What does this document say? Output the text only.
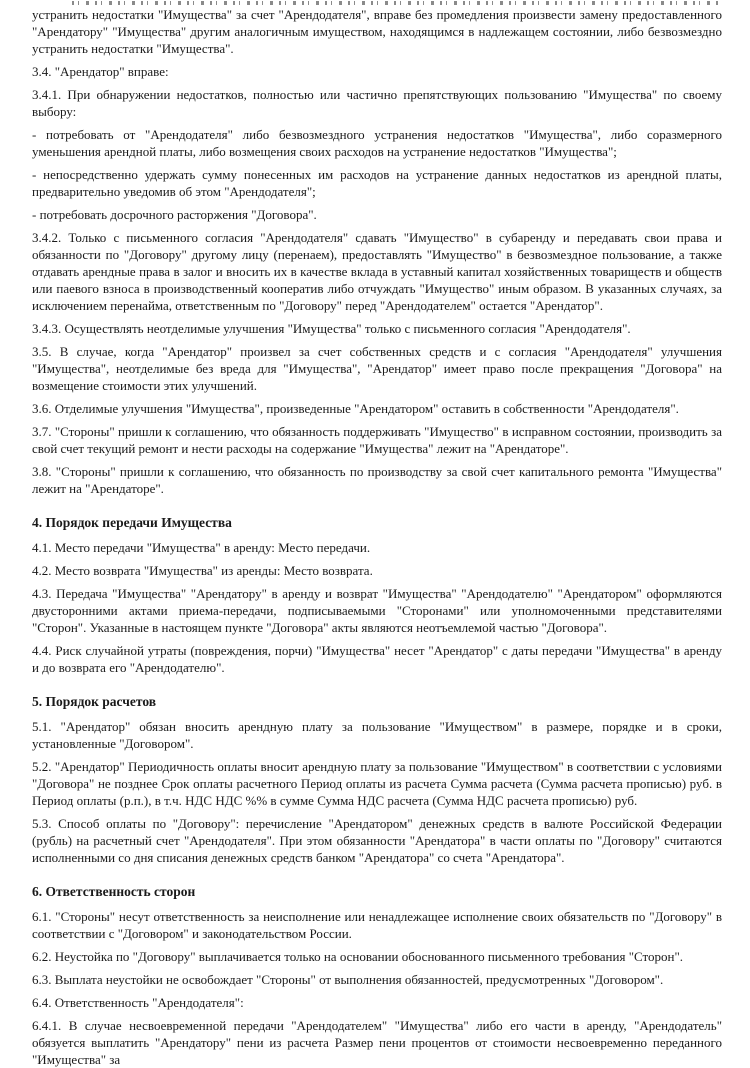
устранить недостатки "Имущества" за счет "Арендодателя", вправе без промедления произвести замену предоставленного "Арендатору" "Имущества" другим аналогичным имуществом, находящимся в надлежащем состоянии, либо безвозмездно устранить недостатки "Имущества".

3.4. "Арендатор" вправе:

3.4.1. При обнаружении недостатков, полностью или частично препятствующих пользованию "Имущества" по своему выбору:

- потребовать от "Арендодателя" либо безвозмездного устранения недостатков "Имущества", либо соразмерного уменьшения арендной платы, либо возмещения своих расходов на устранение недостатков "Имущества";

- непосредственно удержать сумму понесенных им расходов на устранение данных недостатков из арендной платы, предварительно уведомив об этом "Арендодателя";

- потребовать досрочного расторжения "Договора".

3.4.2. Только с письменного согласия "Арендодателя" сдавать "Имущество" в субаренду и передавать свои права и обязанности по "Договору" другому лицу (перенаем), предоставлять "Имущество" в безвозмездное пользование, а также отдавать арендные права в залог и вносить их в качестве вклада в уставный капитал хозяйственных товариществ и обществ или паевого взноса в производственный кооператив либо отчуждать "Имущество" иным образом. В указанных случаях, за исключением перенайма, ответственным по "Договору" перед "Арендодателем" остается "Арендатор".

3.4.3. Осуществлять неотделимые улучшения "Имущества" только с письменного согласия "Арендодателя".

3.5. В случае, когда "Арендатор" произвел за счет собственных средств и с согласия "Арендодателя" улучшения "Имущества", неотделимые без вреда для "Имущества", "Арендатор" имеет право после прекращения "Договора" на возмещение стоимости этих улучшений.

3.6. Отделимые улучшения "Имущества", произведенные "Арендатором" оставить в собственности "Арендодателя".

3.7. "Стороны" пришли к соглашению, что обязанность поддерживать "Имущество" в исправном состоянии, производить за свой счет текущий ремонт и нести расходы на содержание "Имущества" лежит на "Арендаторе".

3.8. "Стороны" пришли к соглашению, что обязанность по производству за свой счет капитального ремонта "Имущества" лежит на "Арендаторе".

4. Порядок передачи Имущества

4.1. Место передачи "Имущества" в аренду: Место передачи.

4.2. Место возврата "Имущества" из аренды: Место возврата.

4.3. Передача "Имущества" "Арендатору" в аренду и возврат "Имущества" "Арендодателю" "Арендатором" оформляются двусторонними актами приема-передачи, подписываемыми "Сторонами" или уполномоченными представителями "Сторон". Указанные в настоящем пункте "Договора" акты являются неотъемлемой частью "Договора".

4.4. Риск случайной утраты (повреждения, порчи) "Имущества" несет "Арендатор" с даты передачи "Имущества" в аренду и до возврата его "Арендодателю".

5. Порядок расчетов

5.1. "Арендатор" обязан вносить арендную плату за пользование "Имуществом" в размере, порядке и в сроки, установленные "Договором".

5.2. "Арендатор" Периодичность оплаты вносит арендную плату за пользование "Имуществом" в соответствии с условиями "Договора" не позднее Срок оплаты расчетного Период оплаты из расчета Сумма расчета (Сумма расчета прописью) руб. в Период оплаты (р.п.), в т.ч. НДС НДС %% в сумме Сумма НДС расчета (Сумма НДС расчета прописью) руб.

5.3. Способ оплаты по "Договору": перечисление "Арендатором" денежных средств в валюте Российской Федерации (рубль) на расчетный счет "Арендодателя". При этом обязанности "Арендатора" в части оплаты по "Договору" считаются исполненными со дня списания денежных средств банком "Арендатора" со счета "Арендатора".

6. Ответственность сторон

6.1. "Стороны" несут ответственность за неисполнение или ненадлежащее исполнение своих обязательств по "Договору" в соответствии с "Договором" и законодательством России.

6.2. Неустойка по "Договору" выплачивается только на основании обоснованного письменного требования "Сторон".

6.3. Выплата неустойки не освобождает "Стороны" от выполнения обязанностей, предусмотренных "Договором".

6.4. Ответственность "Арендодателя":

6.4.1. В случае несвоевременной передачи "Арендодателем" "Имущества" либо его части в аренду, "Арендодатель" обязуется выплатить "Арендатору" пени из расчета Размер пени процентов от стоимости несвоевременно переданного "Имущества" за
